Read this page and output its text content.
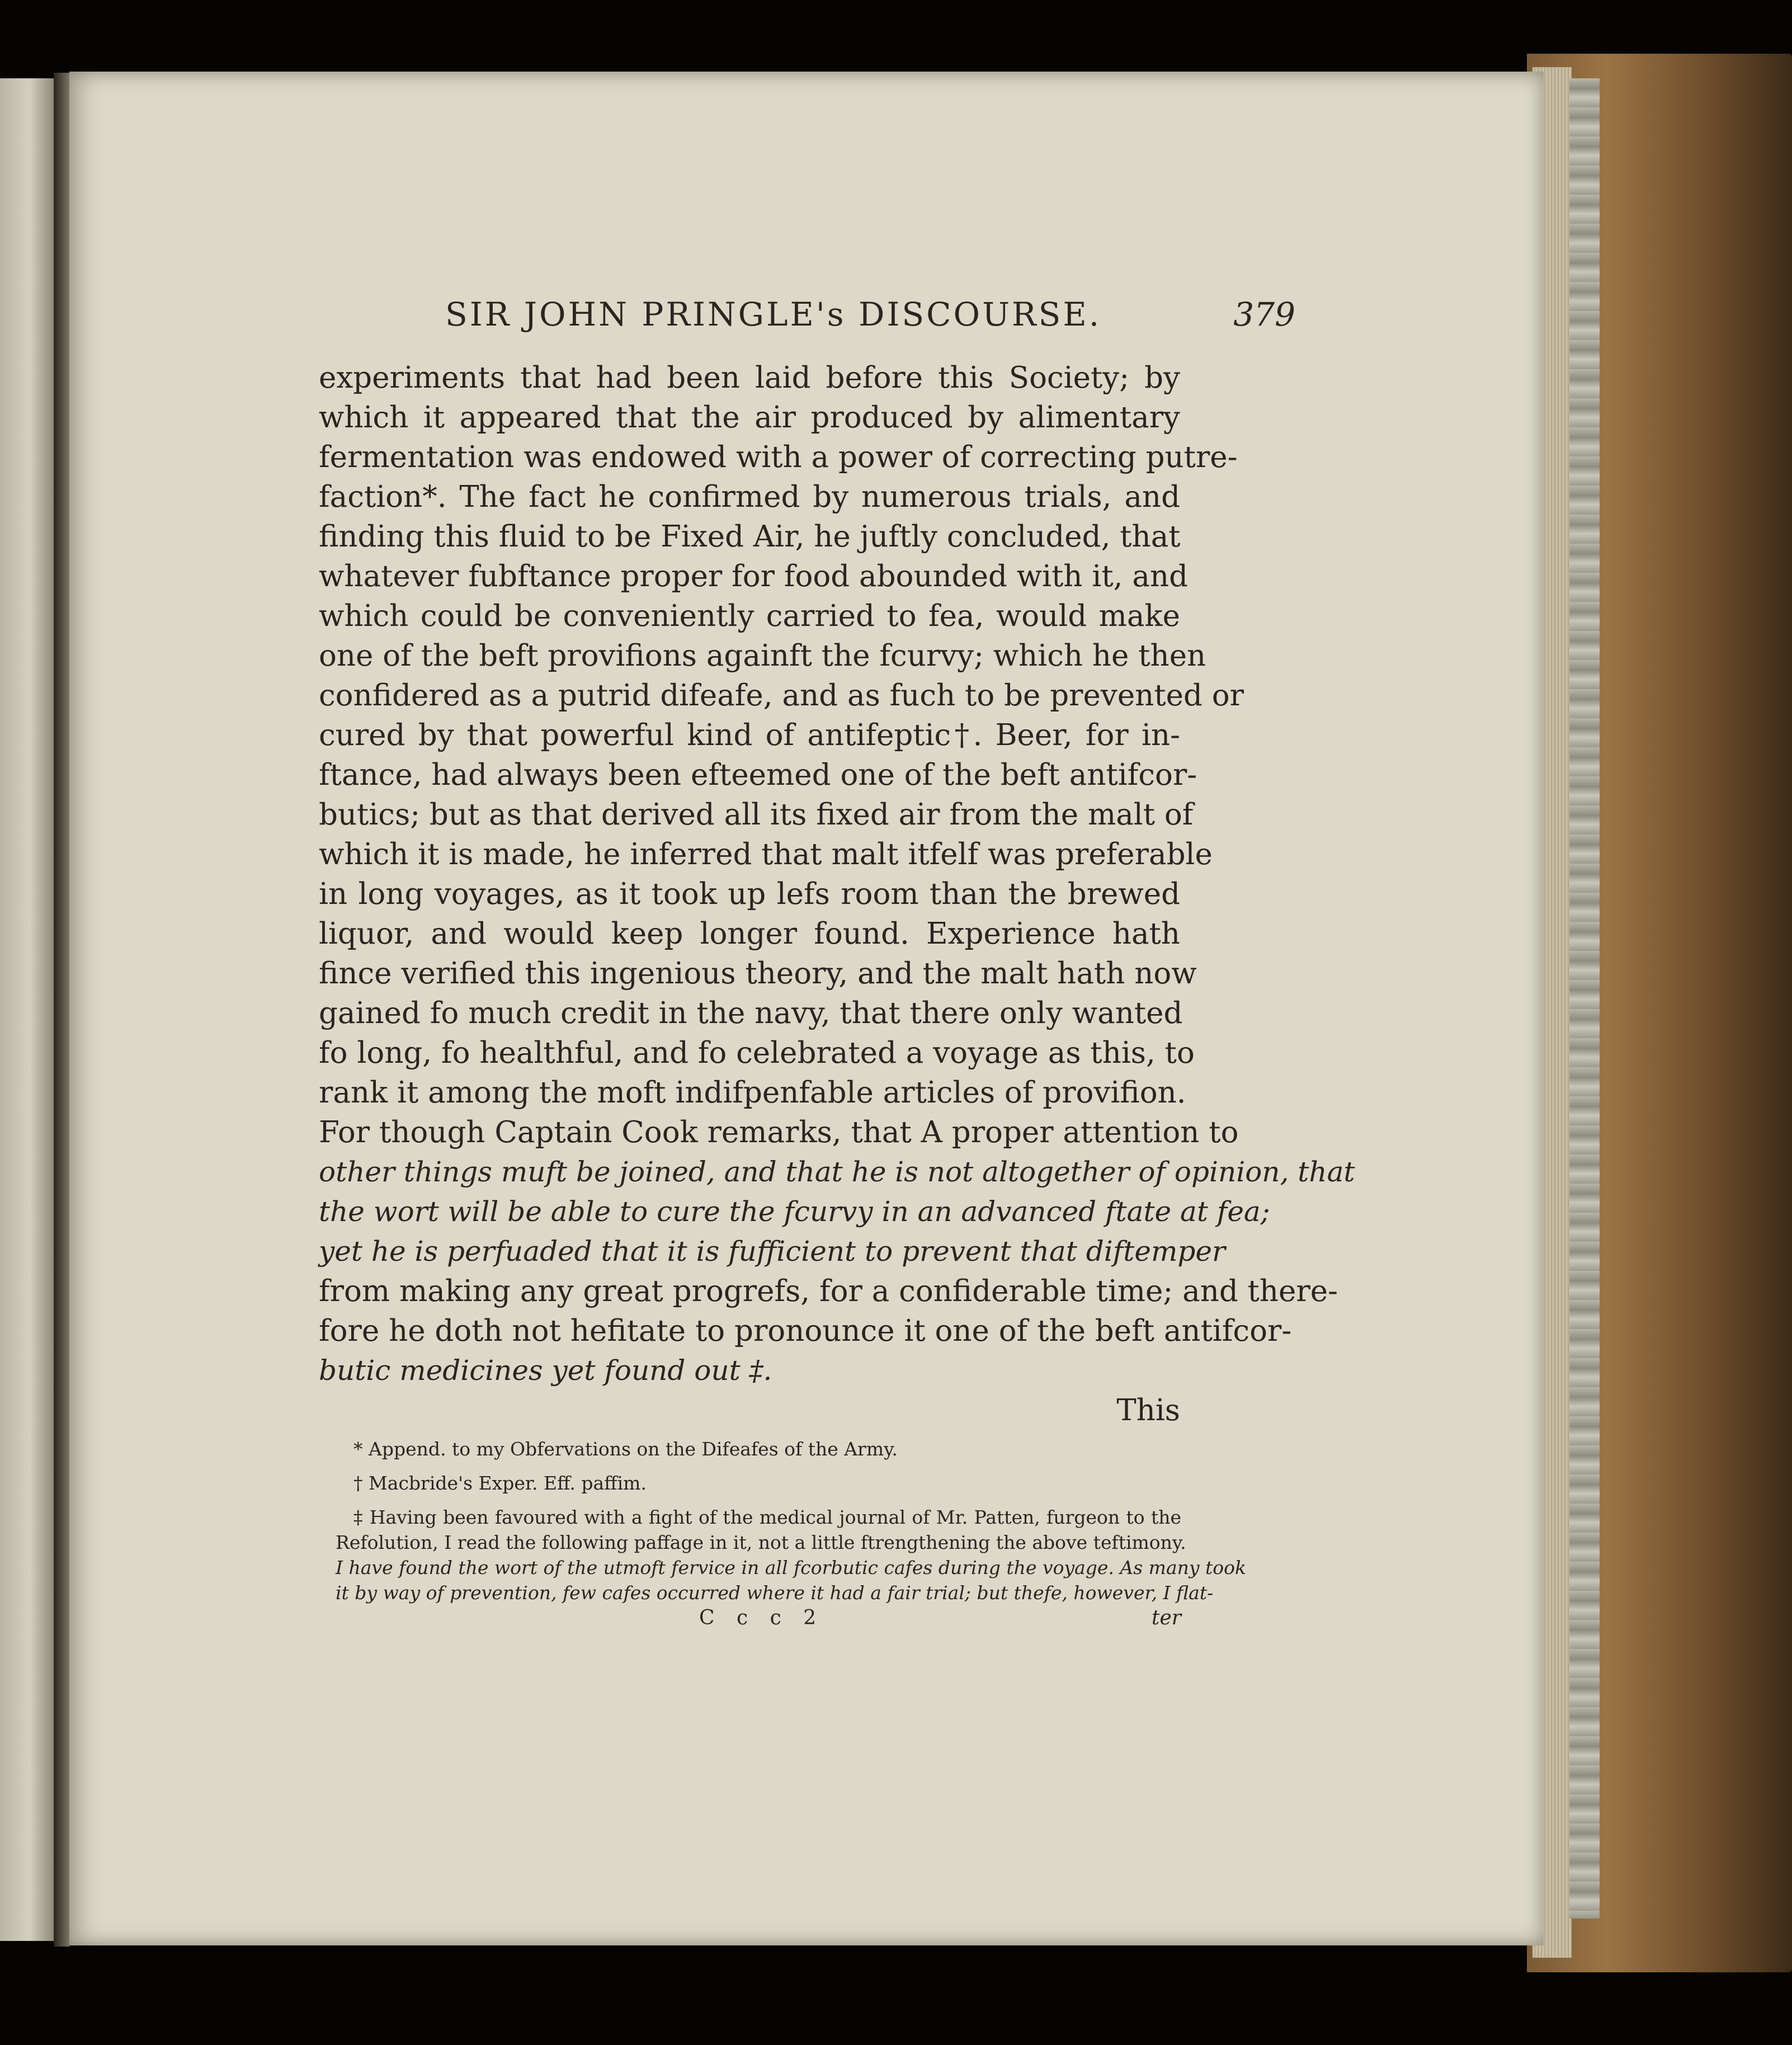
SIR JOHN PRINGLE's DISCOURSE.	379
experiments that had been laid before this Society; by
which it appeared that the air produced by alimentary
fermentation was endowed with a power of correcting putre-
faction*. The fact he confirmed by numerous trials, and
finding this fluid to be Fixed Air, he juftly concluded, that
whatever fubftance proper for food abounded with it, and
which could be conveniently carried to fea, would make
one of the beft provifions againft the fcurvy; which he then
confidered as a putrid difeafe, and as fuch to be prevented or
cured by that powerful kind of antifeptic†. Beer, for in-
ftance, had always been efteemed one of the beft antifcor-
butics; but as that derived all its fixed air from the malt of
which it is made, he inferred that malt itfelf was preferable
in long voyages, as it took up lefs room than the brewed
liquor, and would keep longer found. Experience hath
fince verified this ingenious theory, and the malt hath now
gained fo much credit in the navy, that there only wanted
fo long, fo healthful, and fo celebrated a voyage as this, to
rank it among the moft indifpenfable articles of provifion.
For though Captain Cook remarks, that A proper attention to
other things muft be joined, and that he is not altogether of opinion, that
the wort will be able to cure the fcurvy in an advanced ftate at fea;
yet he is perfuaded that it is fufficient to prevent that diftemper
from making any great progrefs, for a confiderable time; and there-
fore he doth not hefitate to pronounce it one of the beft antifcor-
butic medicines yet found out ‡.
This
* Append. to my Obfervations on the Difeafes of the Army.
† Macbride's Exper. Eff. paffim.
‡ Having been favoured with a fight of the medical journal of Mr. Patten, furgeon to the
Refolution, I read the following paffage in it, not a little ftrengthening the above teftimony.
I have found the wort of the utmoft fervice in all fcorbutic cafes during the voyage. As many took
it by way of prevention, few cafes occurred where it had a fair trial; but thefe, however, I flat-
C c c 2	ter
